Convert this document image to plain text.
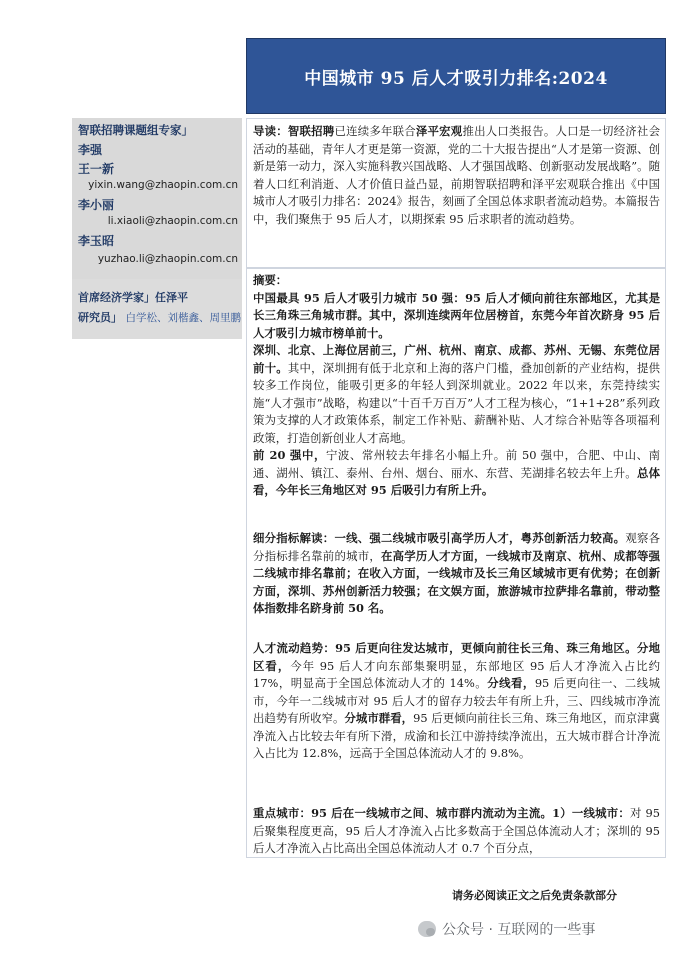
中国城市 95 后人才吸引力排名:2024
智联招聘课题组专家」
李强
王一新
yixin.wang@zhaopin.com.cn
李小丽
li.xiaoli@zhaopin.com.cn
李玉昭
yuzhao.li@zhaopin.com.cn
首席经济学家」任泽平
研究员」 白学松、刘楷鑫、周里鹏

导读：智联招聘已连续多年联合泽平宏观推出人口类报告。人口是一切经济社会活动的基础，青年人才更是第一资源，党的二十大报告提出“人才是第一资源、创新是第一动力，深入实施科教兴国战略、人才强国战略、创新驱动发展战略”。随着人口红利消逝、人才价值日益凸显，前期智联招聘和泽平宏观联合推出《中国城市人才吸引力排名：2024》报告，刻画了全国总体求职者流动趋势。本篇报告中，我们聚焦于 95 后人才，以期探索 95 后求职者的流动趋势。

摘要：

中国最具 95 后人才吸引力城市 50 强：95 后人才倾向前往东部地区，尤其是长三角珠三角城市群。其中，深圳连续两年位居榜首，东莞今年首次跻身 95 后人才吸引力城市榜单前十。

深圳、北京、上海位居前三，广州、杭州、南京、成都、苏州、无锡、东莞位居前十。其中，深圳拥有低于北京和上海的落户门槛，叠加创新的产业结构，提供较多工作岗位，能吸引更多的年轻人到深圳就业。2022 年以来，东莞持续实施“人才强市”战略，构建以“十百千万百万”人才工程为核心，“1+1+28”系列政策为支撑的人才政策体系，制定工作补贴、薪酬补贴、人才综合补贴等各项福利政策，打造创新创业人才高地。

前 20 强中，宁波、常州较去年排名小幅上升。前 50 强中，合肥、中山、南通、湖州、镇江、泰州、台州、烟台、丽水、东营、芜湖排名较去年上升。总体看，今年长三角地区对 95 后吸引力有所上升。

细分指标解读：一线、强二线城市吸引高学历人才，粤苏创新活力较高。观察各分指标排名靠前的城市，在高学历人才方面，一线城市及南京、杭州、成都等强二线城市排名靠前；在收入方面，一线城市及长三角区域城市更有优势；在创新方面，深圳、苏州创新活力较强；在文娱方面，旅游城市拉萨排名靠前，带动整体指数排名跻身前 50 名。

人才流动趋势：95 后更向往发达城市，更倾向前往长三角、珠三角地区。分地区看，今年 95 后人才向东部集聚明显，东部地区 95 后人才净流入占比约 17%，明显高于全国总体流动人才的 14%。分线看，95 后更向往一、二线城市，今年一二线城市对 95 后人才的留存力较去年有所上升，三、四线城市净流出趋势有所收窄。分城市群看，95 后更倾向前往长三角、珠三角地区，而京津冀净流入占比较去年有所下滑，成渝和长江中游持续净流出，五大城市群合计净流入占比为 12.8%，远高于全国总体流动人才的 9.8%。

重点城市：95 后在一线城市之间、城市群内流动为主流。1）一线城市：对 95 后聚集程度更高，95 后人才净流入占比多数高于全国总体流动人才；深圳的 95 后人才净流入占比高出全国总体流动人才 0.7 个百分点，

请务必阅读正文之后免责条款部分
公众号 · 互联网的一些事
